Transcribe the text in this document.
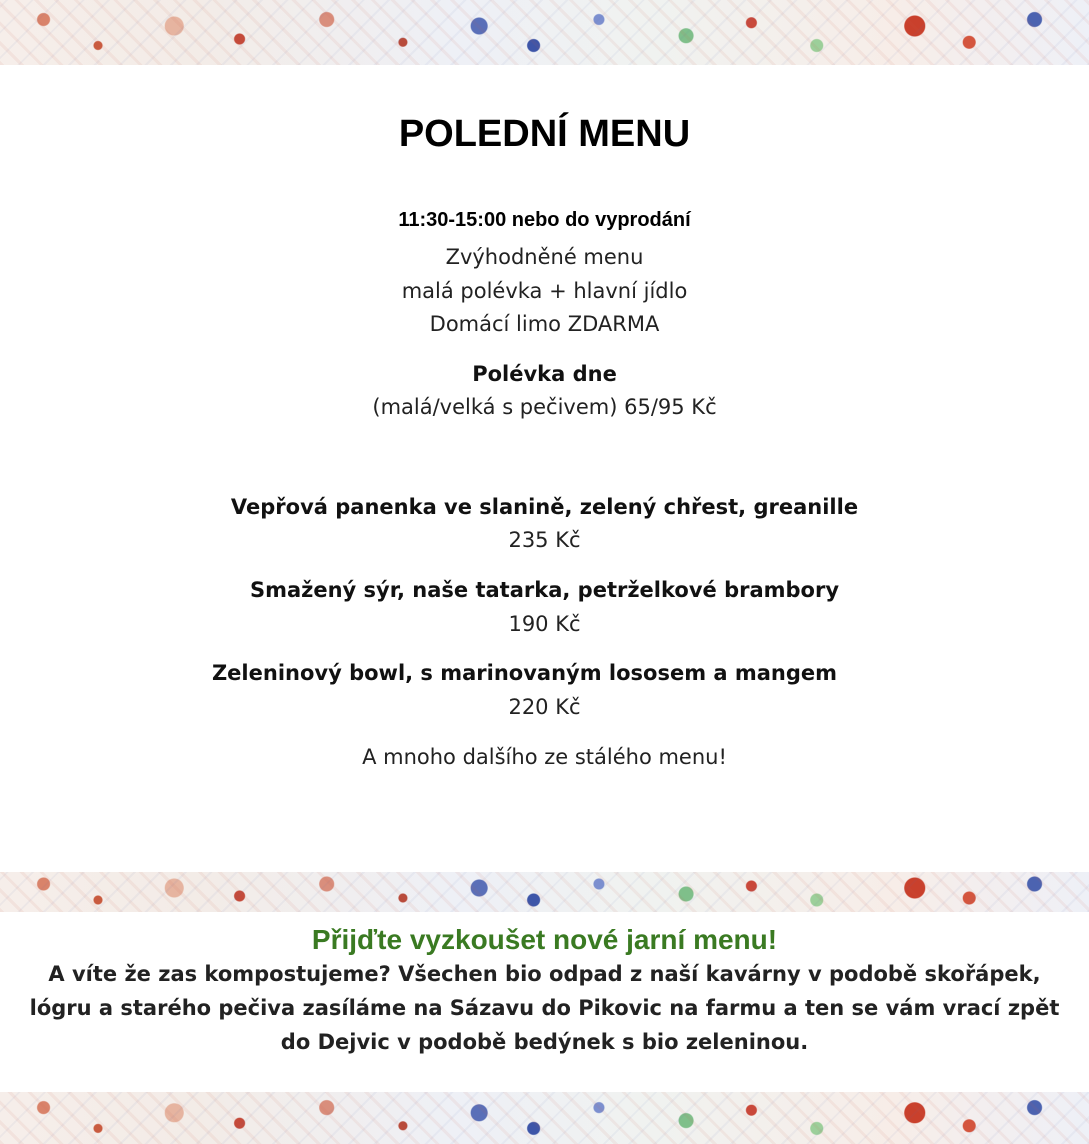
POLEDNÍ MENU
11:30-15:00 nebo do vyprodání
Zvýhodněné menu
malá polévka + hlavní jídlo
Domácí limo ZDARMA
Polévka dne
(malá/velká s pečivem) 65/95 Kč
Vepřová panenka ve slanině, zelený chřest, greanille
235 Kč
Smažený sýr, naše tatarka, petrželkové brambory
190 Kč
Zeleninový bowl, s marinovaným lososem a mangem
220 Kč
A mnoho dalšího ze stálého menu!
Přijďte vyzkoušet nové jarní menu!
A víte že zas kompostujeme? Všechen bio odpad z naší kavárny v podobě skořápek,
lógru a starého pečiva zasíláme na Sázavu do Pikovic na farmu a ten se vám vrací zpět
do Dejvic v podobě bedýnek s bio zeleninou.
